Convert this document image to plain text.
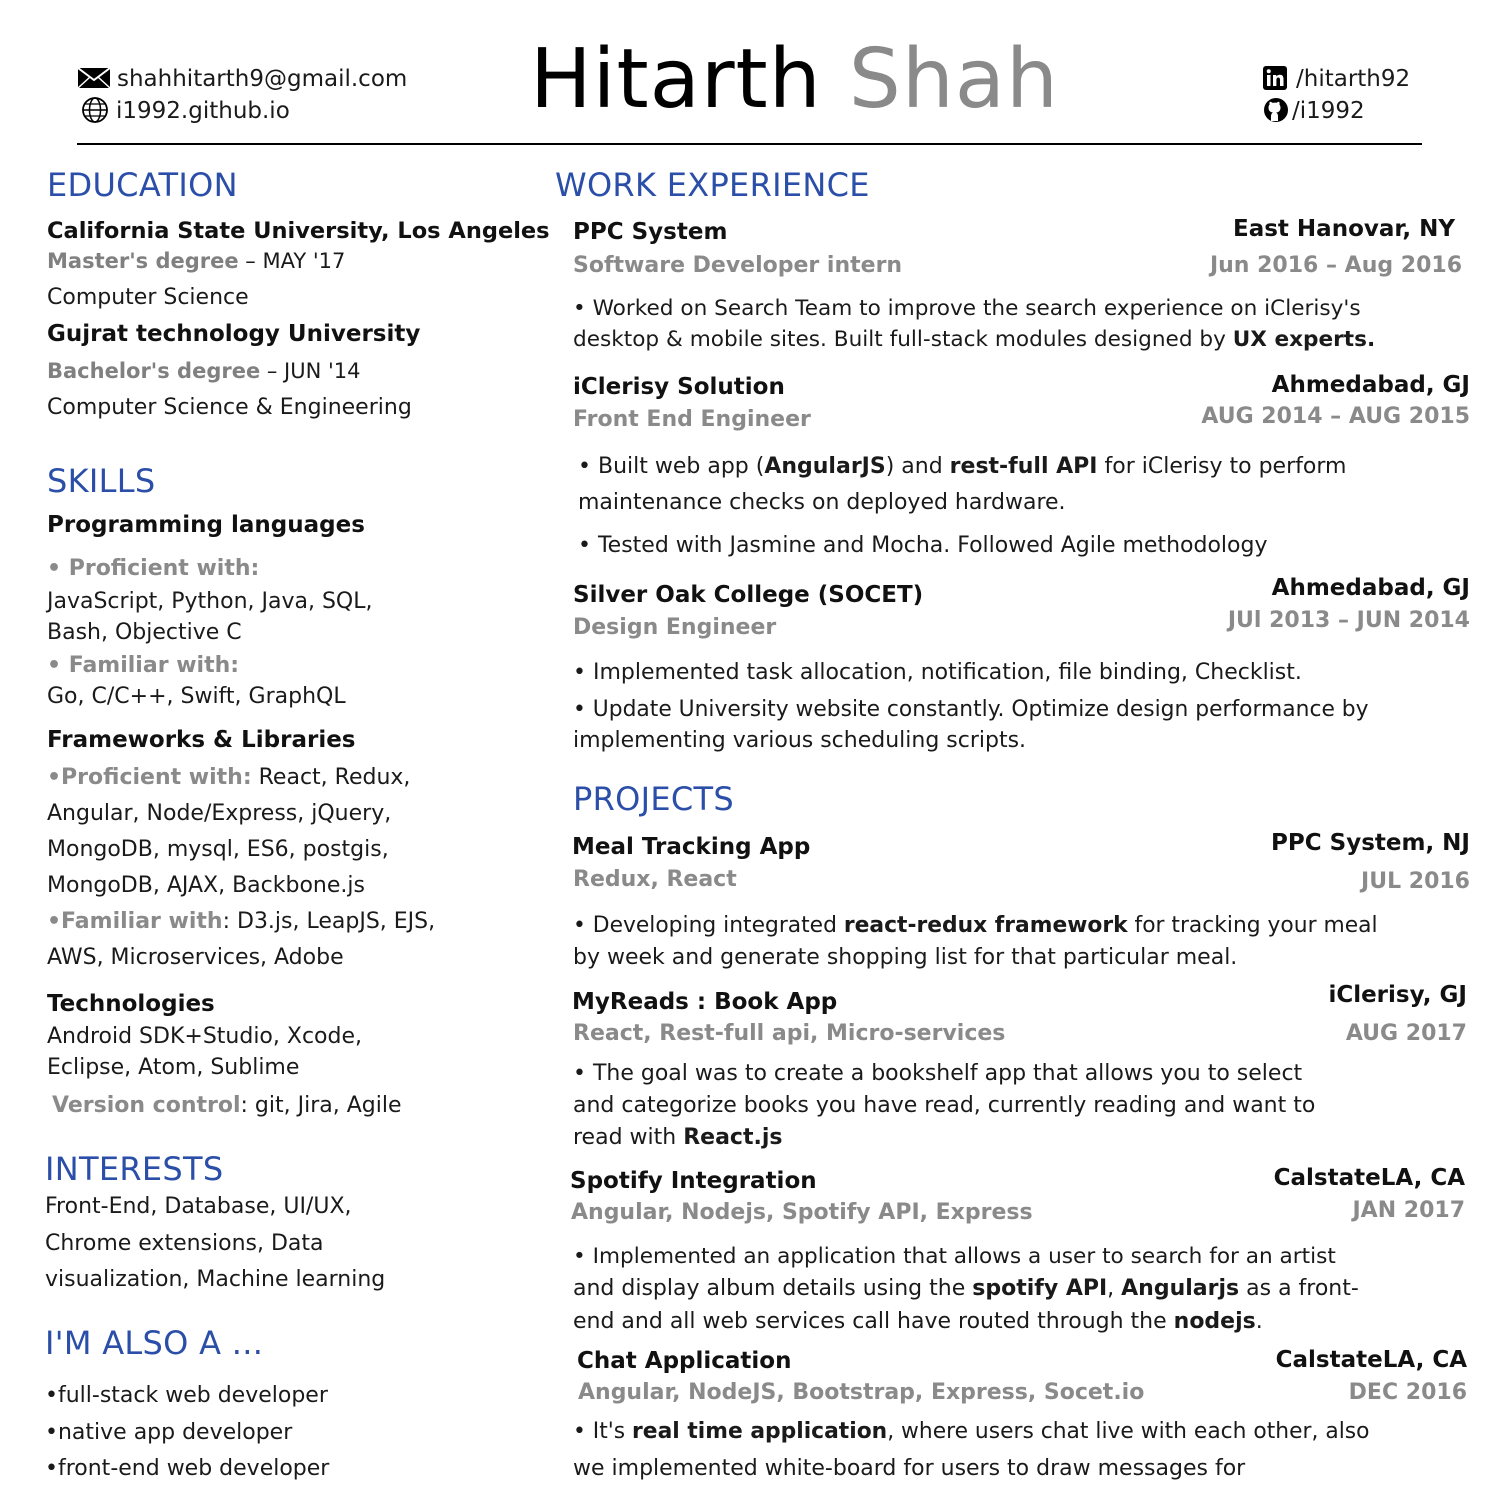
shahhitarth9@gmail.com
i1992.github.io	Hitarth Shah	/hitarth92
/i1992
EDUCATION
California State University, Los Angeles
Master's degree – MAY '17
Computer Science
Gujrat technology University
Bachelor's degree – JUN '14
Computer Science & Engineering
SKILLS
Programming languages
• Proficient with:
JavaScript, Python, Java, SQL,
Bash, Objective C
• Familiar with:
Go, C/C++, Swift, GraphQL
Frameworks & Libraries
•Proficient with: React, Redux,
Angular, Node/Express, jQuery,
MongoDB, mysql, ES6, postgis,
MongoDB, AJAX, Backbone.js
•Familiar with: D3.js, LeapJS, EJS,
AWS, Microservices, Adobe
Technologies
Android SDK+Studio, Xcode,
Eclipse, Atom, Sublime
Version control: git, Jira, Agile
INTERESTS
Front-End, Database, UI/UX,
Chrome extensions, Data
visualization, Machine learning
I'M ALSO A ...
•full-stack web developer
•native app developer
•front-end web developer
WORK EXPERIENCE
PPC System	East Hanovar, NY
Software Developer intern	Jun 2016 – Aug 2016
• Worked on Search Team to improve the search experience on iClerisy's
desktop & mobile sites. Built full-stack modules designed by UX experts.
iClerisy Solution	Ahmedabad, GJ
Front End Engineer	AUG 2014 – AUG 2015
• Built web app (AngularJS) and rest-full API for iClerisy to perform
maintenance checks on deployed hardware.
• Tested with Jasmine and Mocha. Followed Agile methodology
Silver Oak College (SOCET)	Ahmedabad, GJ
Design Engineer	JUl 2013 – JUN 2014
• Implemented task allocation, notification, file binding, Checklist.
• Update University website constantly. Optimize design performance by
implementing various scheduling scripts.
PROJECTS
Meal Tracking App	PPC System, NJ
Redux, React	JUL 2016
• Developing integrated react-redux framework for tracking your meal
by week and generate shopping list for that particular meal.
MyReads : Book App	iClerisy, GJ
React, Rest-full api, Micro-services	AUG 2017
• The goal was to create a bookshelf app that allows you to select
and categorize books you have read, currently reading and want to
read with React.js
Spotify Integration	CalstateLA, CA
Angular, Nodejs, Spotify API, Express	JAN 2017
• Implemented an application that allows a user to search for an artist
and display album details using the spotify API, Angularjs as a front-
end and all web services call have routed through the nodejs.
Chat Application	CalstateLA, CA
Angular, NodeJS, Bootstrap, Express, Socet.io	DEC 2016
• It's real time application, where users chat live with each other, also
we implemented white-board for users to draw messages for
